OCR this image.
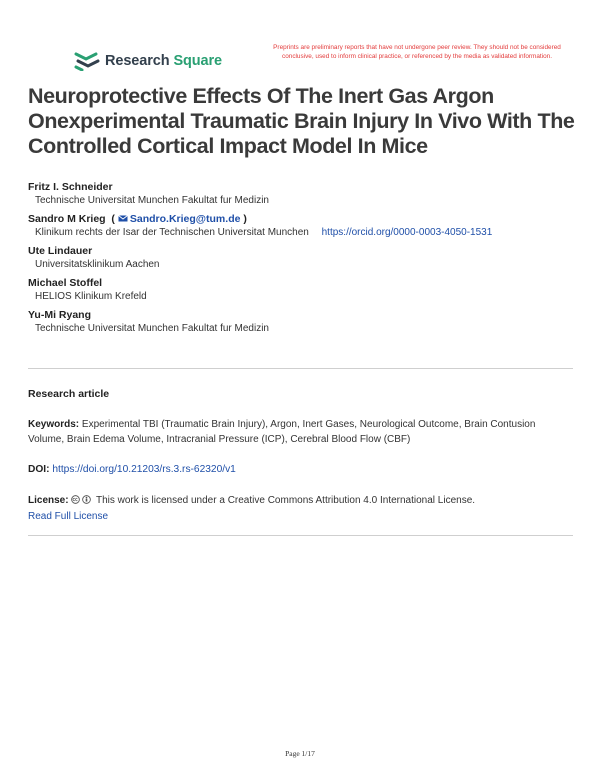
Research Square
Preprints are preliminary reports that have not undergone peer review. They should not be considered conclusive, used to inform clinical practice, or referenced by the media as validated information.
Neuroprotective Effects Of The Inert Gas Argon Onexperimental Traumatic Brain Injury In Vivo With The Controlled Cortical Impact Model In Mice
Fritz I. Schneider
Technische Universitat Munchen Fakultat fur Medizin
Sandro M Krieg  ( Sandro.Krieg@tum.de )
Klinikum rechts der Isar der Technischen Universitat Munchen https://orcid.org/0000-0003-4050-1531
Ute Lindauer
Universitatsklinikum Aachen
Michael Stoffel
HELIOS Klinikum Krefeld
Yu-Mi Ryang
Technische Universitat Munchen Fakultat fur Medizin
Research article
Keywords: Experimental TBI (Traumatic Brain Injury), Argon, Inert Gases, Neurological Outcome, Brain Contusion Volume, Brain Edema Volume, Intracranial Pressure (ICP), Cerebral Blood Flow (CBF)
DOI: https://doi.org/10.21203/rs.3.rs-62320/v1
License:	This work is licensed under a Creative Commons Attribution 4.0 International License.
Read Full License
Page 1/17
